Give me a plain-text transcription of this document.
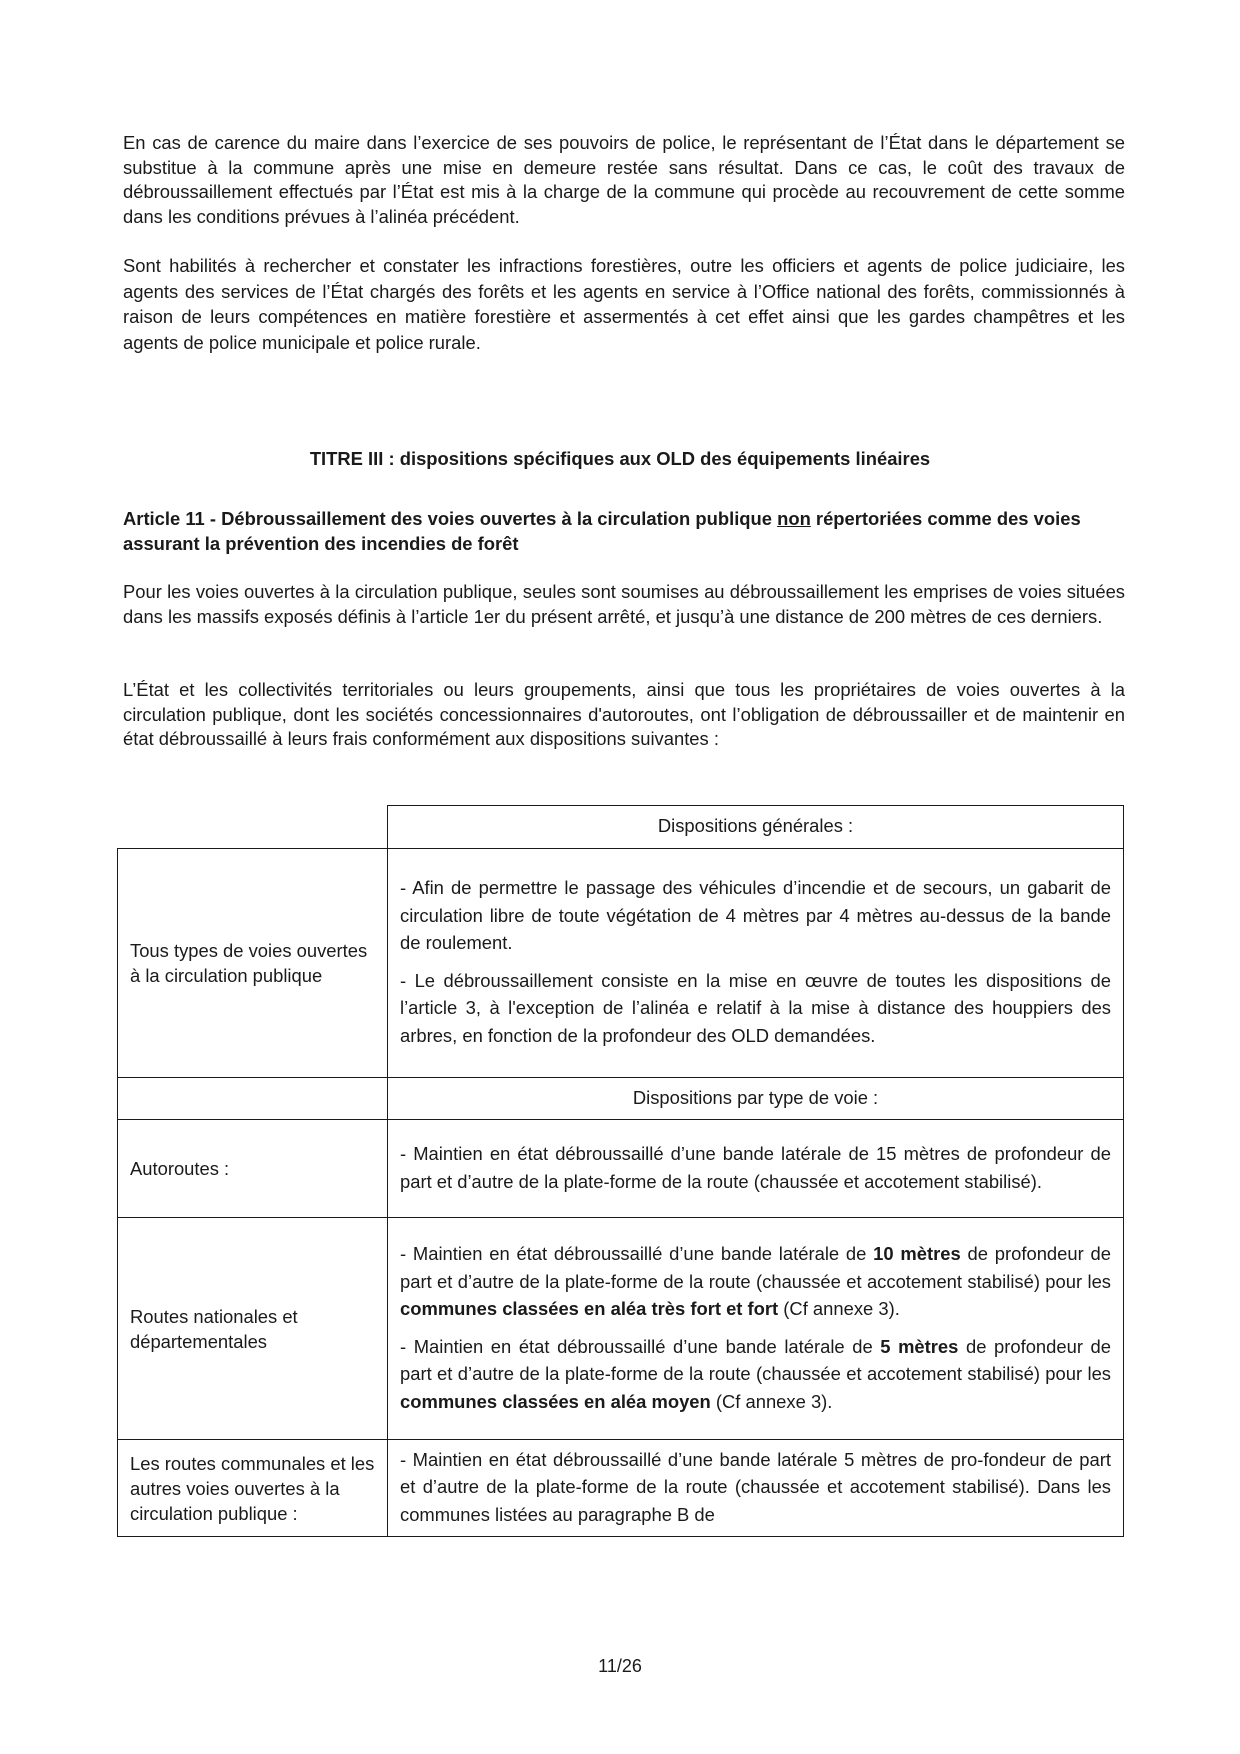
En cas de carence du maire dans l’exercice de ses pouvoirs de police, le représentant de l’État dans le département se substitue à la commune après une mise en demeure restée sans résultat. Dans ce cas, le coût des travaux de débroussaillement effectués par l’État est mis à la charge de la commune qui procède au recouvrement de cette somme dans les conditions prévues à l’alinéa précédent.

Sont habilités à rechercher et constater les infractions forestières, outre les officiers et agents de police judiciaire, les agents des services de l’État chargés des forêts et les agents en service à l’Office national des forêts, commissionnés à raison de leurs compétences en matière forestière et assermentés à cet effet ainsi que les gardes champêtres et les agents de police municipale et police rurale.

TITRE III : dispositions spécifiques aux OLD des équipements linéaires

Article 11 - Débroussaillement des voies ouvertes à la circulation publique non répertoriées comme des voies assurant la prévention des incendies de forêt

Pour les voies ouvertes à la circulation publique, seules sont soumises au débroussaillement les emprises de voies situées dans les massifs exposés définis à l’article 1er du présent arrêté, et jusqu’à une distance de 200 mètres de ces derniers.

L’État et les collectivités territoriales ou leurs groupements, ainsi que tous les propriétaires de voies ouvertes à la circulation publique, dont les sociétés concessionnaires d'autoroutes, ont l’obligation de débroussailler et de maintenir en état débroussaillé à leurs frais conformément aux dispositions suivantes :

	Dispositions générales :
Tous types de voies ouvertes à la circulation publique	- Afin de permettre le passage des véhicules d’incendie et de secours, un gabarit de circulation libre de toute végétation de 4 mètres par 4 mètres au-dessus de la bande de roulement.

- Le débroussaillement consiste en la mise en œuvre de toutes les dispositions de l’article 3, à l'exception de l’alinéa e relatif à la mise à distance des houppiers des arbres, en fonction de la profondeur des OLD demandées.

	Dispositions par type de voie :
Autoroutes :	- Maintien en état débroussaillé d’une bande latérale de 15 mètres de profondeur de part et d’autre de la plate-forme de la route (chaussée et accotement stabilisé).

Routes nationales et départementales	- Maintien en état débroussaillé d’une bande latérale de 10 mètres de profondeur de part et d’autre de la plate-forme de la route (chaussée et accotement stabilisé) pour les communes classées en aléa très fort et fort (Cf annexe 3).

- Maintien en état débroussaillé d’une bande latérale de 5 mètres de profondeur de part et d’autre de la plate-forme de la route (chaussée et accotement stabilisé) pour les communes classées en aléa moyen (Cf annexe 3).

Les routes communales et les autres voies ouvertes à la circulation publique :	- Maintien en état débroussaillé d’une bande latérale 5 mètres de pro-fondeur de part et d’autre de la plate-forme de la route (chaussée et accotement stabilisé). Dans les communes listées au paragraphe B de

11/26
